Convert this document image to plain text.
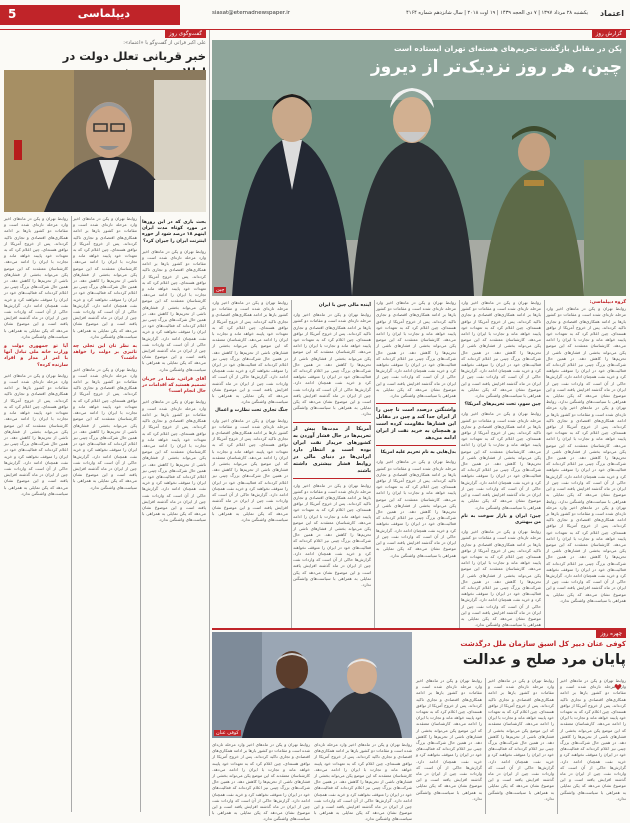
5	دیپلماسی	siasat@etemadnewspaper.ir	یکشنبه ۲۸ مرداد ۱۳۹۷ | ۷ ذی الحجه ۱۴۳۹ | ۱۹ اوت ۲۰۱۸ | سال شانزدهم شماره ۴۱۶۴ اعتماد
گفت‌وگوی روز
علی اکبر فراتی از گفت‌وگو با «اعتماد»:
خبر قربانی تعلل دولت در
بحث بازی که در این روزها در مورد کوتاه مدت ایران اینهم ۱۸ درصد شود از حوزه اینترنت ایران را جبران کرد؟
روابط تهران و پکن در ماه‌های اخیر وارد مرحله تازه‌ای شده است و مقامات دو کشور بارها بر ادامه همکاری‌های اقتصادی و تجاری تاکید کرده‌اند. پس از خروج آمریکا از توافق هسته‌ای، چین اعلام کرد که به تعهدات خود پایبند خواهد ماند و تجارت با ایران را ادامه می‌دهد. کارشناسان معتقدند که این موضع پکن می‌تواند بخشی از فشارهای ناشی از تحریم‌ها را کاهش دهد. در همین حال شرکت‌های بزرگ چینی نیز اعلام کرده‌اند که فعالیت‌های خود در ایران را متوقف نخواهند کرد و خرید نفت همچنان ادامه دارد. گزارش‌ها حاکی از آن است که واردات نفت چین از ایران در ماه گذشته افزایش یافته است و این موضوع نشان می‌دهد که پکن تمایلی به همراهی با سیاست‌های واشنگتن ندارد.
آقای فراتی، شما در جریان تصمیم هستید که اقدامات در حال انجام است؟
روابط تهران و پکن در ماه‌های اخیر وارد مرحله تازه‌ای شده است و مقامات دو کشور بارها بر ادامه همکاری‌های اقتصادی و تجاری تاکید کرده‌اند. پس از خروج آمریکا از توافق هسته‌ای، چین اعلام کرد که به تعهدات خود پایبند خواهد ماند و تجارت با ایران را ادامه می‌دهد. کارشناسان معتقدند که این موضع پکن می‌تواند بخشی از فشارهای ناشی از تحریم‌ها را کاهش دهد. در همین حال شرکت‌های بزرگ چینی نیز اعلام کرده‌اند که فعالیت‌های خود در ایران را متوقف نخواهند کرد و خرید نفت همچنان ادامه دارد. گزارش‌ها حاکی از آن است که واردات نفت چین از ایران در ماه گذشته افزایش یافته است و این موضوع نشان می‌دهد که پکن تمایلی به همراهی با سیاست‌های واشنگتن ندارد.
روابط تهران و پکن در ماه‌های اخیر وارد مرحله تازه‌ای شده است و مقامات دو کشور بارها بر ادامه همکاری‌های اقتصادی و تجاری تاکید کرده‌اند. پس از خروج آمریکا از توافق هسته‌ای، چین اعلام کرد که به تعهدات خود پایبند خواهد ماند و تجارت با ایران را ادامه می‌دهد. کارشناسان معتقدند که این موضع پکن می‌تواند بخشی از فشارهای ناشی از تحریم‌ها را کاهش دهد. در همین حال شرکت‌های بزرگ چینی نیز اعلام کرده‌اند که فعالیت‌های خود در ایران را متوقف نخواهند کرد و خرید نفت همچنان ادامه دارد. گزارش‌ها حاکی از آن است که واردات نفت چین از ایران در ماه گذشته افزایش یافته است و این موضوع نشان می‌دهد که پکن تمایلی به همراهی با سیاست‌های واشنگتن ندارد.
به نظر تان این تجلی چه تاثیری بر دولت را خواهد داشت؟
روابط تهران و پکن در ماه‌های اخیر وارد مرحله تازه‌ای شده است و مقامات دو کشور بارها بر ادامه همکاری‌های اقتصادی و تجاری تاکید کرده‌اند. پس از خروج آمریکا از توافق هسته‌ای، چین اعلام کرد که به تعهدات خود پایبند خواهد ماند و تجارت با ایران را ادامه می‌دهد. کارشناسان معتقدند که این موضع پکن می‌تواند بخشی از فشارهای ناشی از تحریم‌ها را کاهش دهد. در همین حال شرکت‌های بزرگ چینی نیز اعلام کرده‌اند که فعالیت‌های خود در ایران را متوقف نخواهند کرد و خرید نفت همچنان ادامه دارد. گزارش‌ها حاکی از آن است که واردات نفت چین از ایران در ماه گذشته افزایش یافته است و این موضوع نشان می‌دهد که پکن تمایلی به همراهی با سیاست‌های واشنگتن ندارد.
روابط تهران و پکن در ماه‌های اخیر وارد مرحله تازه‌ای شده است و مقامات دو کشور بارها بر ادامه همکاری‌های اقتصادی و تجاری تاکید کرده‌اند. پس از خروج آمریکا از توافق هسته‌ای، چین اعلام کرد که به تعهدات خود پایبند خواهد ماند و تجارت با ایران را ادامه می‌دهد. کارشناسان معتقدند که این موضع پکن می‌تواند بخشی از فشارهای ناشی از تحریم‌ها را کاهش دهد. در همین حال شرکت‌های بزرگ چینی نیز اعلام کرده‌اند که فعالیت‌های خود در ایران را متوقف نخواهند کرد و خرید نفت همچنان ادامه دارد. گزارش‌ها حاکی از آن است که واردات نفت چین از ایران در ماه گذشته افزایش یافته است و این موضوع نشان می‌دهد که پکن تمایلی به همراهی با سیاست‌های واشنگتن ندارد.
آیا تو جمهوری دولت و وزارت خانه ملی تبادل آنها با امر از مدار و افراد سازنده کرده؟
روابط تهران و پکن در ماه‌های اخیر وارد مرحله تازه‌ای شده است و مقامات دو کشور بارها بر ادامه همکاری‌های اقتصادی و تجاری تاکید کرده‌اند. پس از خروج آمریکا از توافق هسته‌ای، چین اعلام کرد که به تعهدات خود پایبند خواهد ماند و تجارت با ایران را ادامه می‌دهد. کارشناسان معتقدند که این موضع پکن می‌تواند بخشی از فشارهای ناشی از تحریم‌ها را کاهش دهد. در همین حال شرکت‌های بزرگ چینی نیز اعلام کرده‌اند که فعالیت‌های خود در ایران را متوقف نخواهند کرد و خرید نفت همچنان ادامه دارد. گزارش‌ها حاکی از آن است که واردات نفت چین از ایران در ماه گذشته افزایش یافته است و این موضوع نشان می‌دهد که پکن تمایلی به همراهی با سیاست‌های واشنگتن ندارد.
گزارش روز
پکن در مقابل بازگشت تحریم‌های هسته‌ای تهران ایستاده است
چین، هر روز نزدیک‌تر از دیروز
چین
گروه دیپلماسی:
روابط تهران و پکن در ماه‌های اخیر وارد مرحله تازه‌ای شده است و مقامات دو کشور بارها بر ادامه همکاری‌های اقتصادی و تجاری تاکید کرده‌اند. پس از خروج آمریکا از توافق هسته‌ای، چین اعلام کرد که به تعهدات خود پایبند خواهد ماند و تجارت با ایران را ادامه می‌دهد. کارشناسان معتقدند که این موضع پکن می‌تواند بخشی از فشارهای ناشی از تحریم‌ها را کاهش دهد. در همین حال شرکت‌های بزرگ چینی نیز اعلام کرده‌اند که فعالیت‌های خود در ایران را متوقف نخواهند کرد و خرید نفت همچنان ادامه دارد. گزارش‌ها حاکی از آن است که واردات نفت چین از ایران در ماه گذشته افزایش یافته است و این موضوع نشان می‌دهد که پکن تمایلی به همراهی با سیاست‌های واشنگتن ندارد. روابط تهران و پکن در ماه‌های اخیر وارد مرحله تازه‌ای شده است و مقامات دو کشور بارها بر ادامه همکاری‌های اقتصادی و تجاری تاکید کرده‌اند. پس از خروج آمریکا از توافق هسته‌ای، چین اعلام کرد که به تعهدات خود پایبند خواهد ماند و تجارت با ایران را ادامه می‌دهد. کارشناسان معتقدند که این موضع پکن می‌تواند بخشی از فشارهای ناشی از تحریم‌ها را کاهش دهد. در همین حال شرکت‌های بزرگ چینی نیز اعلام کرده‌اند که فعالیت‌های خود در ایران را متوقف نخواهند کرد و خرید نفت همچنان ادامه دارد. گزارش‌ها حاکی از آن است که واردات نفت چین از ایران در ماه گذشته افزایش یافته است و این موضوع نشان می‌دهد که پکن تمایلی به همراهی با سیاست‌های واشنگتن ندارد. روابط تهران و پکن در ماه‌های اخیر وارد مرحله تازه‌ای شده است و مقامات دو کشور بارها بر ادامه همکاری‌های اقتصادی و تجاری تاکید کرده‌اند. پس از خروج آمریکا از توافق هسته‌ای، چین اعلام کرد که به تعهدات خود پایبند خواهد ماند و تجارت با ایران را ادامه می‌دهد. کارشناسان معتقدند که این موضع پکن می‌تواند بخشی از فشارهای ناشی از تحریم‌ها را کاهش دهد. در همین حال شرکت‌های بزرگ چینی نیز اعلام کرده‌اند که فعالیت‌های خود در ایران را متوقف نخواهند کرد و خرید نفت همچنان ادامه دارد. گزارش‌ها حاکی از آن است که واردات نفت چین از ایران در ماه گذشته افزایش یافته است و این موضوع نشان می‌دهد که پکن تمایلی به همراهی با سیاست‌های واشنگتن ندارد.
روابط تهران و پکن در ماه‌های اخیر وارد مرحله تازه‌ای شده است و مقامات دو کشور بارها بر ادامه همکاری‌های اقتصادی و تجاری تاکید کرده‌اند. پس از خروج آمریکا از توافق هسته‌ای، چین اعلام کرد که به تعهدات خود پایبند خواهد ماند و تجارت با ایران را ادامه می‌دهد. کارشناسان معتقدند که این موضع پکن می‌تواند بخشی از فشارهای ناشی از تحریم‌ها را کاهش دهد. در همین حال شرکت‌های بزرگ چینی نیز اعلام کرده‌اند که فعالیت‌های خود در ایران را متوقف نخواهند کرد و خرید نفت همچنان ادامه دارد. گزارش‌ها حاکی از آن است که واردات نفت چین از ایران در ماه گذشته افزایش یافته است و این موضوع نشان می‌دهد که پکن تمایلی به همراهی با سیاست‌های واشنگتن ندارد.
چین سوم، تحت تحریم‌های آمریکا؟
روابط تهران و پکن در ماه‌های اخیر وارد مرحله تازه‌ای شده است و مقامات دو کشور بارها بر ادامه همکاری‌های اقتصادی و تجاری تاکید کرده‌اند. پس از خروج آمریکا از توافق هسته‌ای، چین اعلام کرد که به تعهدات خود پایبند خواهد ماند و تجارت با ایران را ادامه می‌دهد. کارشناسان معتقدند که این موضع پکن می‌تواند بخشی از فشارهای ناشی از تحریم‌ها را کاهش دهد. در همین حال شرکت‌های بزرگ چینی نیز اعلام کرده‌اند که فعالیت‌های خود در ایران را متوقف نخواهند کرد و خرید نفت همچنان ادامه دارد. گزارش‌ها حاکی از آن است که واردات نفت چین از ایران در ماه گذشته افزایش یافته است و این موضوع نشان می‌دهد که پکن تمایلی به همراهی با سیاست‌های واشنگتن ندارد.
چین؛ ایران و بازار سوخت به نام من ببهنتری
روابط تهران و پکن در ماه‌های اخیر وارد مرحله تازه‌ای شده است و مقامات دو کشور بارها بر ادامه همکاری‌های اقتصادی و تجاری تاکید کرده‌اند. پس از خروج آمریکا از توافق هسته‌ای، چین اعلام کرد که به تعهدات خود پایبند خواهد ماند و تجارت با ایران را ادامه می‌دهد. کارشناسان معتقدند که این موضع پکن می‌تواند بخشی از فشارهای ناشی از تحریم‌ها را کاهش دهد. در همین حال شرکت‌های بزرگ چینی نیز اعلام کرده‌اند که فعالیت‌های خود در ایران را متوقف نخواهند کرد و خرید نفت همچنان ادامه دارد. گزارش‌ها حاکی از آن است که واردات نفت چین از ایران در ماه گذشته افزایش یافته است و این موضوع نشان می‌دهد که پکن تمایلی به همراهی با سیاست‌های واشنگتن ندارد.
روابط تهران و پکن در ماه‌های اخیر وارد مرحله تازه‌ای شده است و مقامات دو کشور بارها بر ادامه همکاری‌های اقتصادی و تجاری تاکید کرده‌اند. پس از خروج آمریکا از توافق هسته‌ای، چین اعلام کرد که به تعهدات خود پایبند خواهد ماند و تجارت با ایران را ادامه می‌دهد. کارشناسان معتقدند که این موضع پکن می‌تواند بخشی از فشارهای ناشی از تحریم‌ها را کاهش دهد. در همین حال شرکت‌های بزرگ چینی نیز اعلام کرده‌اند که فعالیت‌های خود در ایران را متوقف نخواهند کرد و خرید نفت همچنان ادامه دارد. گزارش‌ها حاکی از آن است که واردات نفت چین از ایران در ماه گذشته افزایش یافته است و این موضوع نشان می‌دهد که پکن تمایلی به همراهی با سیاست‌های واشنگتن ندارد.
واشنگتن درصدد است تا چین را از ایران جدا کند و چین در مقابل این فشارها مقاومت کرده است و همچنان به خرید نفت از ایران ادامه می‌دهد
بدل‌هایی به نام تحریم علیه امریکا
روابط تهران و پکن در ماه‌های اخیر وارد مرحله تازه‌ای شده است و مقامات دو کشور بارها بر ادامه همکاری‌های اقتصادی و تجاری تاکید کرده‌اند. پس از خروج آمریکا از توافق هسته‌ای، چین اعلام کرد که به تعهدات خود پایبند خواهد ماند و تجارت با ایران را ادامه می‌دهد. کارشناسان معتقدند که این موضع پکن می‌تواند بخشی از فشارهای ناشی از تحریم‌ها را کاهش دهد. در همین حال شرکت‌های بزرگ چینی نیز اعلام کرده‌اند که فعالیت‌های خود در ایران را متوقف نخواهند کرد و خرید نفت همچنان ادامه دارد. گزارش‌ها حاکی از آن است که واردات نفت چین از ایران در ماه گذشته افزایش یافته است و این موضوع نشان می‌دهد که پکن تمایلی به همراهی با سیاست‌های واشنگتن ندارد.
آینده مالی چین با ایران
روابط تهران و پکن در ماه‌های اخیر وارد مرحله تازه‌ای شده است و مقامات دو کشور بارها بر ادامه همکاری‌های اقتصادی و تجاری تاکید کرده‌اند. پس از خروج آمریکا از توافق هسته‌ای، چین اعلام کرد که به تعهدات خود پایبند خواهد ماند و تجارت با ایران را ادامه می‌دهد. کارشناسان معتقدند که این موضع پکن می‌تواند بخشی از فشارهای ناشی از تحریم‌ها را کاهش دهد. در همین حال شرکت‌های بزرگ چینی نیز اعلام کرده‌اند که فعالیت‌های خود در ایران را متوقف نخواهند کرد و خرید نفت همچنان ادامه دارد. گزارش‌ها حاکی از آن است که واردات نفت چین از ایران در ماه گذشته افزایش یافته است و این موضوع نشان می‌دهد که پکن تمایلی به همراهی با سیاست‌های واشنگتن ندارد.
آمریکا از مدت‌ها پیش از تحریم‌ها در حال فشار آوردن به کشورهای خریدار نفت ایران بوده است و انتظار دارد ایرانی‌ها در دنیای مالی در روابط فشار بیشتری داشته باشند
روابط تهران و پکن در ماه‌های اخیر وارد مرحله تازه‌ای شده است و مقامات دو کشور بارها بر ادامه همکاری‌های اقتصادی و تجاری تاکید کرده‌اند. پس از خروج آمریکا از توافق هسته‌ای، چین اعلام کرد که به تعهدات خود پایبند خواهد ماند و تجارت با ایران را ادامه می‌دهد. کارشناسان معتقدند که این موضع پکن می‌تواند بخشی از فشارهای ناشی از تحریم‌ها را کاهش دهد. در همین حال شرکت‌های بزرگ چینی نیز اعلام کرده‌اند که فعالیت‌های خود در ایران را متوقف نخواهند کرد و خرید نفت همچنان ادامه دارد. گزارش‌ها حاکی از آن است که واردات نفت چین از ایران در ماه گذشته افزایش یافته است و این موضوع نشان می‌دهد که پکن تمایلی به همراهی با سیاست‌های واشنگتن ندارد.
روابط تهران و پکن در ماه‌های اخیر وارد مرحله تازه‌ای شده است و مقامات دو کشور بارها بر ادامه همکاری‌های اقتصادی و تجاری تاکید کرده‌اند. پس از خروج آمریکا از توافق هسته‌ای، چین اعلام کرد که به تعهدات خود پایبند خواهد ماند و تجارت با ایران را ادامه می‌دهد. کارشناسان معتقدند که این موضع پکن می‌تواند بخشی از فشارهای ناشی از تحریم‌ها را کاهش دهد. در همین حال شرکت‌های بزرگ چینی نیز اعلام کرده‌اند که فعالیت‌های خود در ایران را متوقف نخواهند کرد و خرید نفت همچنان ادامه دارد. گزارش‌ها حاکی از آن است که واردات نفت چین از ایران در ماه گذشته افزایش یافته است و این موضوع نشان می‌دهد که پکن تمایلی به همراهی با سیاست‌های واشنگتن ندارد.
جنگ تجاری تحت نظارت و اعمال
روابط تهران و پکن در ماه‌های اخیر وارد مرحله تازه‌ای شده است و مقامات دو کشور بارها بر ادامه همکاری‌های اقتصادی و تجاری تاکید کرده‌اند. پس از خروج آمریکا از توافق هسته‌ای، چین اعلام کرد که به تعهدات خود پایبند خواهد ماند و تجارت با ایران را ادامه می‌دهد. کارشناسان معتقدند که این موضع پکن می‌تواند بخشی از فشارهای ناشی از تحریم‌ها را کاهش دهد. در همین حال شرکت‌های بزرگ چینی نیز اعلام کرده‌اند که فعالیت‌های خود در ایران را متوقف نخواهند کرد و خرید نفت همچنان ادامه دارد. گزارش‌ها حاکی از آن است که واردات نفت چین از ایران در ماه گذشته افزایش یافته است و این موضوع نشان می‌دهد که پکن تمایلی به همراهی با سیاست‌های واشنگتن ندارد.
چهره روز
کوفی عنان دبیر کل اسبق سازمان ملل درگذشت
پایان مرد صلح و عدالت
کوفی عنان
روابط تهران و پکن در ماه‌های اخیر وارد مرحله تازه‌ای شده است و مقامات دو کشور بارها بر ادامه همکاری‌های اقتصادی و تجاری تاکید کرده‌اند. پس از خروج آمریکا از توافق هسته‌ای، چین اعلام کرد که به تعهدات خود پایبند خواهد ماند و تجارت با ایران را ادامه می‌دهد. کارشناسان معتقدند که این موضع پکن می‌تواند بخشی از فشارهای ناشی از تحریم‌ها را کاهش دهد. در همین حال شرکت‌های بزرگ چینی نیز اعلام کرده‌اند که فعالیت‌های خود در ایران را متوقف نخواهند کرد و خرید نفت همچنان ادامه دارد. گزارش‌ها حاکی از آن است که واردات نفت چین از ایران در ماه گذشته افزایش یافته است و این موضوع نشان می‌دهد که پکن تمایلی به همراهی با سیاست‌های واشنگتن ندارد.
روابط تهران و پکن در ماه‌های اخیر وارد مرحله تازه‌ای شده است و مقامات دو کشور بارها بر ادامه همکاری‌های اقتصادی و تجاری تاکید کرده‌اند. پس از خروج آمریکا از توافق هسته‌ای، چین اعلام کرد که به تعهدات خود پایبند خواهد ماند و تجارت با ایران را ادامه می‌دهد. کارشناسان معتقدند که این موضع پکن می‌تواند بخشی از فشارهای ناشی از تحریم‌ها را کاهش دهد. در همین حال شرکت‌های بزرگ چینی نیز اعلام کرده‌اند که فعالیت‌های خود در ایران را متوقف نخواهند کرد و خرید نفت همچنان ادامه دارد. گزارش‌ها حاکی از آن است که واردات نفت چین از ایران در ماه گذشته افزایش یافته است و این موضوع نشان می‌دهد که پکن تمایلی به همراهی با سیاست‌های واشنگتن ندارد.
روابط تهران و پکن در ماه‌های اخیر وارد مرحله تازه‌ای شده است و مقامات دو کشور بارها بر ادامه همکاری‌های اقتصادی و تجاری تاکید کرده‌اند. پس از خروج آمریکا از توافق هسته‌ای، چین اعلام کرد که به تعهدات خود پایبند خواهد ماند و تجارت با ایران را ادامه می‌دهد. کارشناسان معتقدند که این موضع پکن می‌تواند بخشی از فشارهای ناشی از تحریم‌ها را کاهش دهد. در همین حال شرکت‌های بزرگ چینی نیز اعلام کرده‌اند که فعالیت‌های خود در ایران را متوقف نخواهند کرد و خرید نفت همچنان ادامه دارد. گزارش‌ها حاکی از آن است که واردات نفت چین از ایران در ماه گذشته افزایش یافته است و این موضوع نشان می‌دهد که پکن تمایلی به همراهی با سیاست‌های واشنگتن ندارد.
روابط تهران و پکن در ماه‌های اخیر وارد مرحله تازه‌ای شده است و مقامات دو کشور بارها بر ادامه همکاری‌های اقتصادی و تجاری تاکید کرده‌اند. پس از خروج آمریکا از توافق هسته‌ای، چین اعلام کرد که به تعهدات خود پایبند خواهد ماند و تجارت با ایران را ادامه می‌دهد. کارشناسان معتقدند که این موضع پکن می‌تواند بخشی از فشارهای ناشی از تحریم‌ها را کاهش دهد. در همین حال شرکت‌های بزرگ چینی نیز اعلام کرده‌اند که فعالیت‌های خود در ایران را متوقف نخواهند کرد و خرید نفت همچنان ادامه دارد. گزارش‌ها حاکی از آن است که واردات نفت چین از ایران در ماه گذشته افزایش یافته است و این موضوع نشان می‌دهد که پکن تمایلی به همراهی با سیاست‌های واشنگتن ندارد.
روابط تهران و پکن در ماه‌های اخیر وارد مرحله تازه‌ای شده است و مقامات دو کشور بارها بر ادامه همکاری‌های اقتصادی و تجاری تاکید کرده‌اند. پس از خروج آمریکا از توافق هسته‌ای، چین اعلام کرد که به تعهدات خود پایبند خواهد ماند و تجارت با ایران را ادامه می‌دهد. کارشناسان معتقدند که این موضع پکن می‌تواند بخشی از فشارهای ناشی از تحریم‌ها را کاهش دهد. در همین حال شرکت‌های بزرگ چینی نیز اعلام کرده‌اند که فعالیت‌های خود در ایران را متوقف نخواهند کرد و خرید نفت همچنان ادامه دارد. گزارش‌ها حاکی از آن است که واردات نفت چین از ایران در ماه گذشته افزایش یافته است و این موضوع نشان می‌دهد که پکن تمایلی به همراهی با سیاست‌های واشنگتن ندارد.
